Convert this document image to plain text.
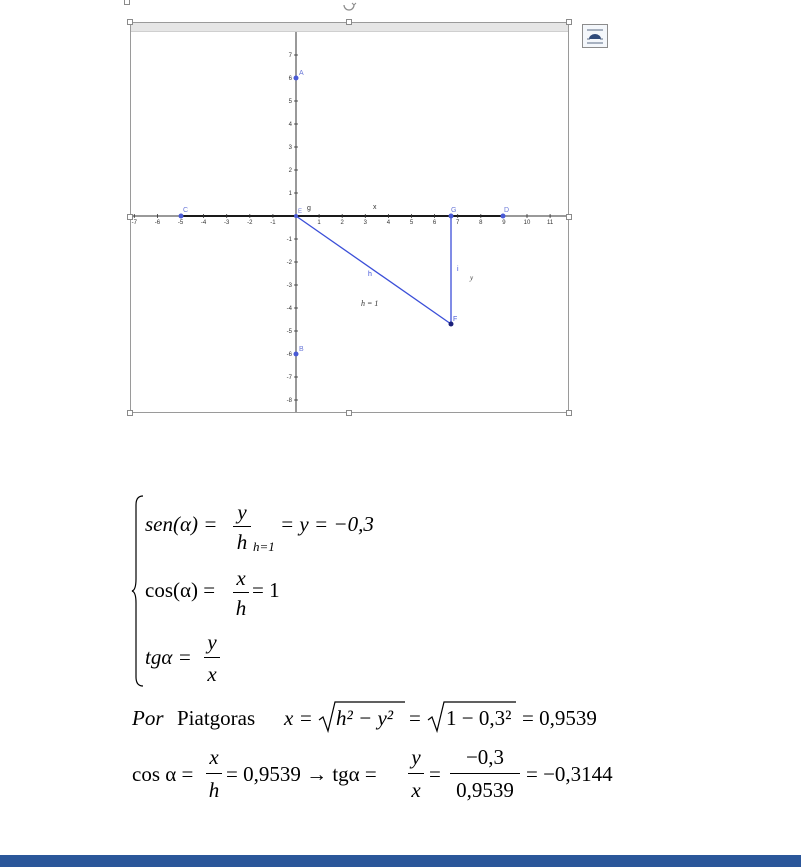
-7	-6	-5	-4	-3	-2	-1	1	2	3	4	5	6	7	8	9	10	11
7
6
5
4
3
2
1
-1
-2
-3
-4
-5
-6
-7
-8
A
B
C	D
E	G
F
g	x
h
i
y
h = 1
sen(α) = y
h h=1
= y = −0,3
cos(α) = x
h
= 1
tgα =
y
x
Por Piatgoras x = h² − y² = 1 − 0,3² = 0,9539
cos α =
x
h
= 0,9539 → tgα =
y
x
=
−0,3
0,9539
= −0,3144
